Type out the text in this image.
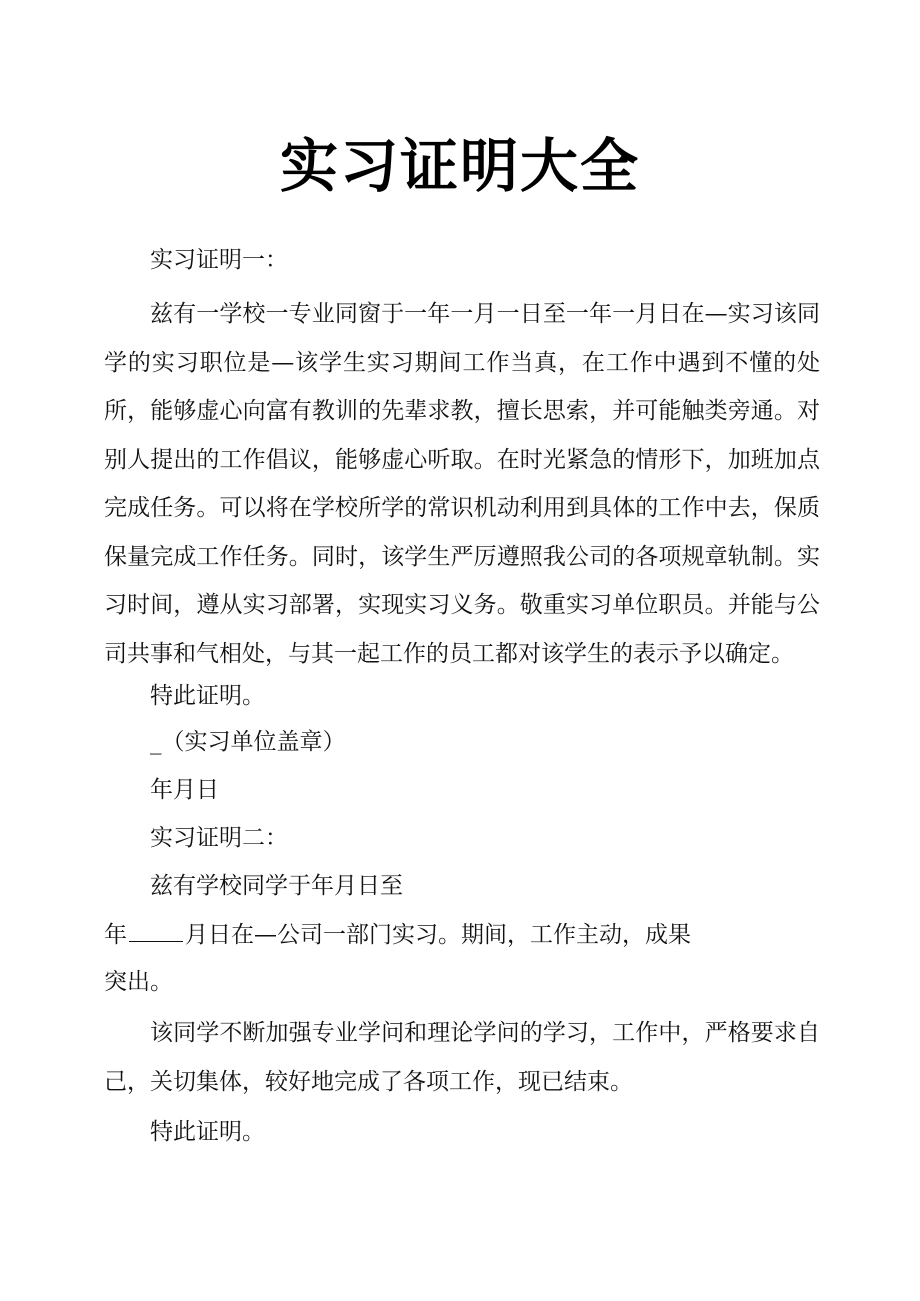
实习证明大全
实习证明一：
兹有一学校一专业同窗于一年一月一日至一年一月日在—实习该同学的实习职位是—该学生实习期间工作当真，在工作中遇到不懂的处所，能够虚心向富有教训的先辈求教，擅长思索，并可能触类旁通。对别人提出的工作倡议，能够虚心听取。在时光紧急的情形下，加班加点完成任务。可以将在学校所学的常识机动利用到具体的工作中去，保质保量完成工作任务。同时，该学生严厉遵照我公司的各项规章轨制。实习时间，遵从实习部署，实现实习义务。敬重实习单位职员。并能与公司共事和气相处，与其一起工作的员工都对该学生的表示予以确定。
特此证明。
_（实习单位盖章）
年月日
实习证明二：
兹有学校同学于年月日至
年	月日在—公司一部门实习。期间，工作主动，成果
突出。
该同学不断加强专业学问和理论学问的学习，工作中，严格要求自己，关切集体，较好地完成了各项工作，现已结束。
特此证明。
